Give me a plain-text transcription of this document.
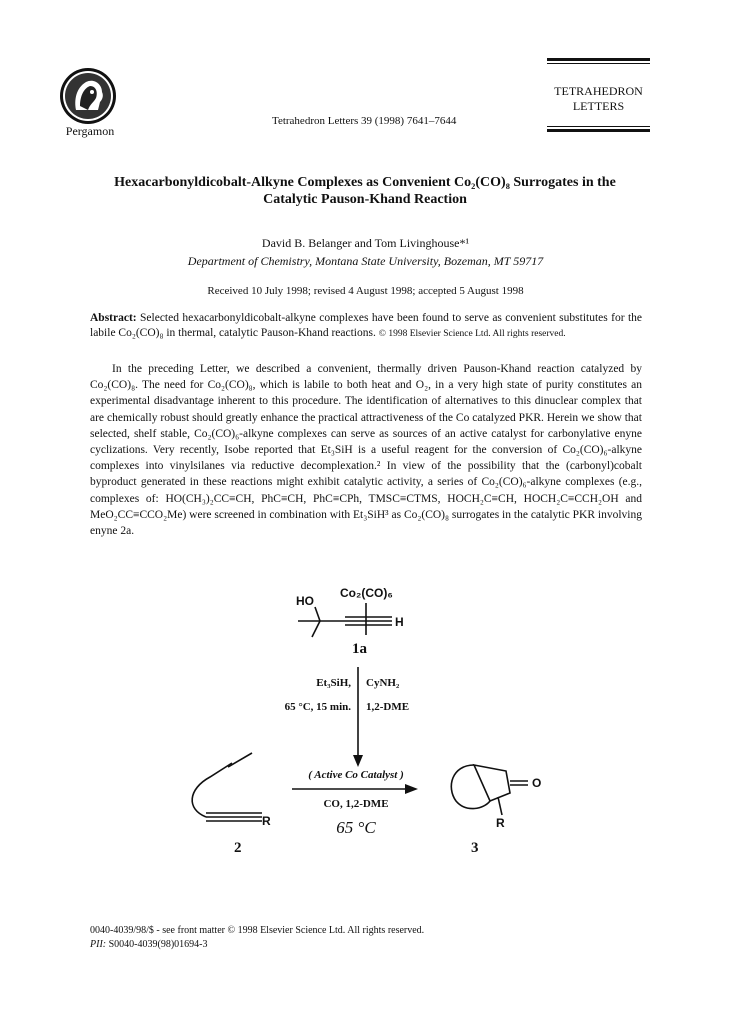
Pergamon
Tetrahedron Letters 39 (1998) 7641–7644
TETRAHEDRON
LETTERS
Hexacarbonyldicobalt-Alkyne Complexes as Convenient Co₂(CO)₈ Surrogates in the
Catalytic Pauson-Khand Reaction
David B. Belanger and Tom Livinghouse*¹
Department of Chemistry, Montana State University, Bozeman, MT 59717
Received 10 July 1998; revised 4 August 1998; accepted 5 August 1998
Abstract: Selected hexacarbonyldicobalt-alkyne complexes have been found to serve as convenient substitutes for the labile Co₂(CO)₈ in thermal, catalytic Pauson-Khand reactions. © 1998 Elsevier Science Ltd. All rights reserved.
In the preceding Letter, we described a convenient, thermally driven Pauson-Khand reaction catalyzed by Co₂(CO)₈. The need for Co₂(CO)₈, which is labile to both heat and O₂, in a very high state of purity constitutes an experimental disadvantage inherent to this procedure. The identification of alternatives to this dinuclear complex that are chemically robust should greatly enhance the practical attractiveness of the Co catalyzed PKR. Herein we show that selected, shelf stable, Co₂(CO)₆-alkyne complexes can serve as sources of an active catalyst for carbonylative enyne cyclizations. Very recently, Isobe reported that Et₃SiH is a useful reagent for the conversion of Co₂(CO)₆-alkyne complexes into vinylsilanes via reductive decomplexation.² In view of the possibility that the (carbonyl)cobalt byproduct generated in these reactions might exhibit catalytic activity, a series of Co₂(CO)₆-alkyne complexes (e.g., complexes of: HO(CH₃)₂CC≡CH, PhC≡CH, PhC≡CPh, TMSC≡CTMS, HOCH₂C≡CH, HOCH₂C≡CCH₂OH and MeO₂CC≡CCO₂Me) were screened in combination with Et₃SiH³ as Co₂(CO)₈ surrogates in the catalytic PKR involving enyne 2a.
HO
Co₂(CO)₆
H
R
O
R
1a
Et₃SiH,
65 °C, 15 min.
CyNH₂
1,2-DME
( Active Co Catalyst )
CO, 1,2-DME
65 °C
2	3
0040-4039/98/$ - see front matter © 1998 Elsevier Science Ltd. All rights reserved.
PII: S0040-4039(98)01694-3
